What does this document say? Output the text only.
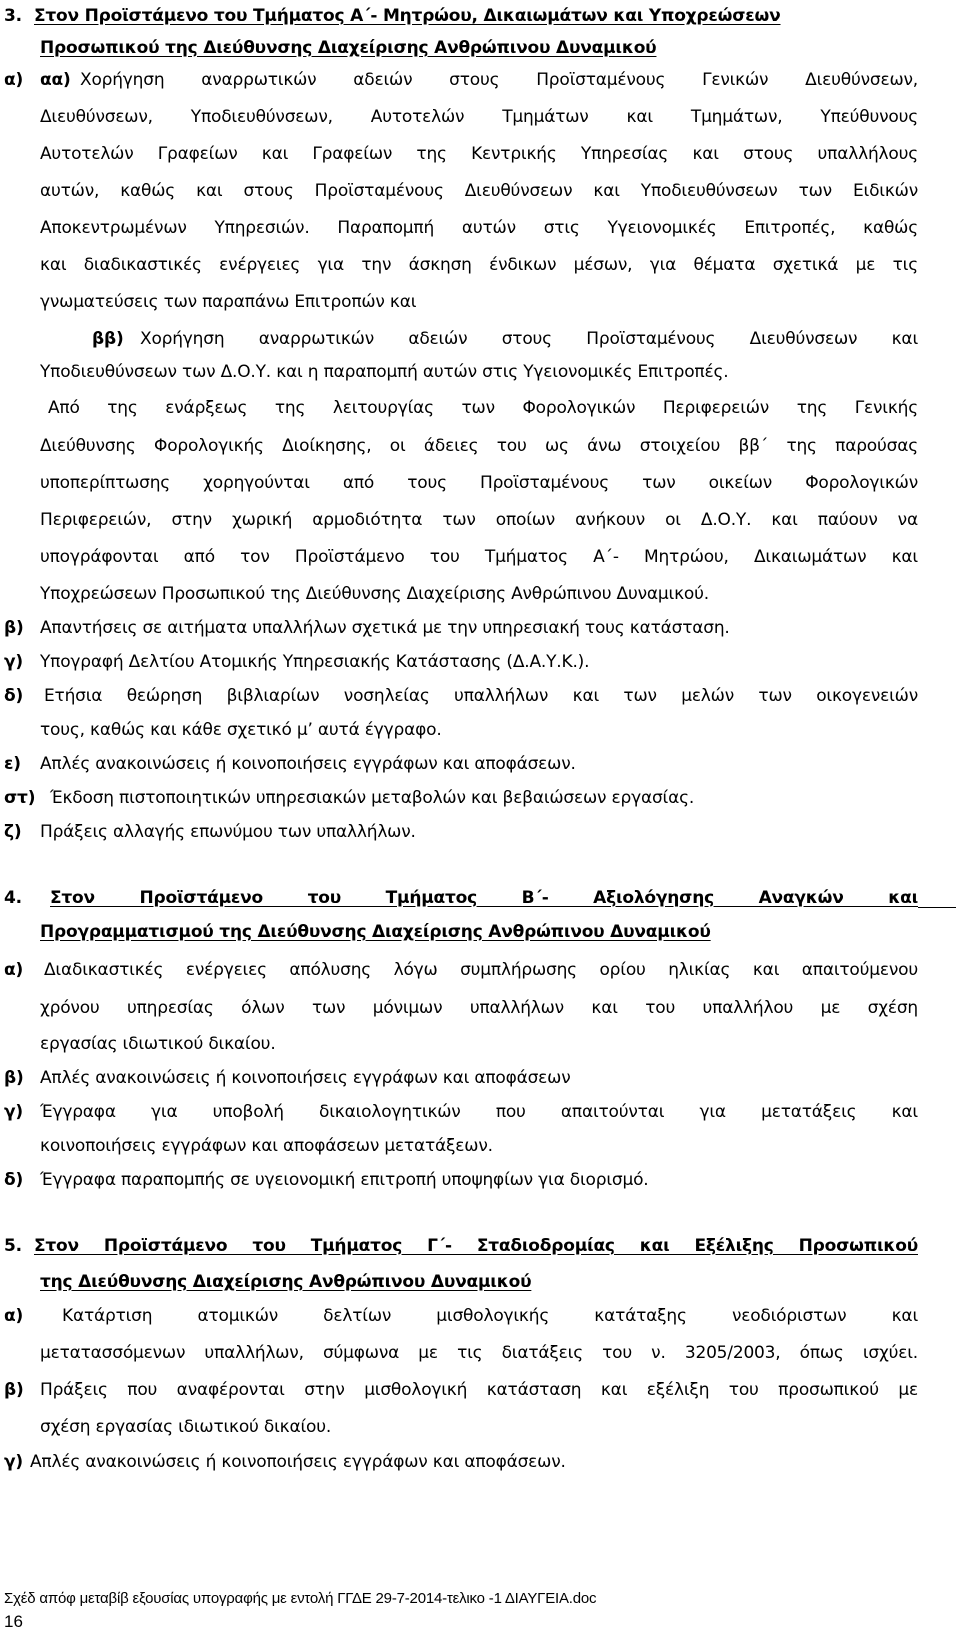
3. Στον Προϊστάμενο του Τμήματος Α΄- Μητρώου, Δικαιωμάτων και Υποχρεώσεων
Προσωπικού της Διεύθυνσης Διαχείρισης Ανθρώπινου Δυναμικού
α) αα) Χορήγηση αναρρωτικών αδειών στους Προϊσταμένους Γενικών Διευθύνσεων,
Διευθύνσεων, Υποδιευθύνσεων, Αυτοτελών Τμημάτων και Τμημάτων, Υπεύθυνους
Αυτοτελών Γραφείων και Γραφείων της Κεντρικής Υπηρεσίας και στους υπαλλήλους
αυτών, καθώς και στους Προϊσταμένους Διευθύνσεων και Υποδιευθύνσεων των Ειδικών
Αποκεντρωμένων Υπηρεσιών. Παραπομπή αυτών στις Υγειονομικές Επιτροπές, καθώς
και διαδικαστικές ενέργειες για την άσκηση ένδικων μέσων, για θέματα σχετικά με τις
γνωματεύσεις των παραπάνω Επιτροπών και
ββ) Χορήγηση αναρρωτικών αδειών στους Προϊσταμένους Διευθύνσεων και
Υποδιευθύνσεων των Δ.Ο.Υ. και η παραπομπή αυτών στις Υγειονομικές Επιτροπές.
Από της ενάρξεως της λειτουργίας των Φορολογικών Περιφερειών της Γενικής
Διεύθυνσης Φορολογικής Διοίκησης, οι άδειες του ως άνω στοιχείου ββ΄ της παρούσας
υποπερίπτωσης χορηγούνται από τους Προϊσταμένους των οικείων Φορολογικών
Περιφερειών, στην χωρική αρμοδιότητα των οποίων ανήκουν οι Δ.Ο.Υ. και παύουν να
υπογράφονται από τον Προϊστάμενο του Τμήματος Α΄- Μητρώου, Δικαιωμάτων και
Υποχρεώσεων Προσωπικού της Διεύθυνσης Διαχείρισης Ανθρώπινου Δυναμικού.
β) Απαντήσεις σε αιτήματα υπαλλήλων σχετικά με την υπηρεσιακή τους κατάσταση.
γ) Υπογραφή Δελτίου Ατομικής Υπηρεσιακής Κατάστασης (Δ.Α.Υ.Κ.).
δ) Ετήσια θεώρηση βιβλιαρίων νοσηλείας υπαλλήλων και των μελών των οικογενειών
τους, καθώς και κάθε σχετικό μ’ αυτά έγγραφο.
ε) Απλές ανακοινώσεις ή κοινοποιήσεις εγγράφων και αποφάσεων.
στ) Έκδοση πιστοποιητικών υπηρεσιακών μεταβολών και βεβαιώσεων εργασίας.
ζ) Πράξεις αλλαγής επωνύμου των υπαλλήλων.
4. Στον Προϊστάμενο του Τμήματος Β΄- Αξιολόγησης Αναγκών και
Προγραμματισμού της Διεύθυνσης Διαχείρισης Ανθρώπινου Δυναμικού
α) Διαδικαστικές ενέργειες απόλυσης λόγω συμπλήρωσης ορίου ηλικίας και απαιτούμενου
χρόνου υπηρεσίας όλων των μόνιμων υπαλλήλων και του υπαλλήλου με σχέση
εργασίας ιδιωτικού δικαίου.
β) Απλές ανακοινώσεις ή κοινοποιήσεις εγγράφων και αποφάσεων
γ) Έγγραφα για υποβολή δικαιολογητικών που απαιτούνται για μετατάξεις και
κοινοποιήσεις εγγράφων και αποφάσεων μετατάξεων.
δ) Έγγραφα παραπομπής σε υγειονομική επιτροπή υποψηφίων για διορισμό.
5. Στον Προϊστάμενο του Τμήματος Γ΄- Σταδιοδρομίας και Εξέλιξης Προσωπικού
της Διεύθυνσης Διαχείρισης Ανθρώπινου Δυναμικού
α) Κατάρτιση ατομικών δελτίων μισθολογικής κατάταξης νεοδιόριστων και
μετατασσόμενων υπαλλήλων, σύμφωνα με τις διατάξεις του ν. 3205/2003, όπως ισχύει.
β) Πράξεις που αναφέρονται στην μισθολογική κατάσταση και εξέλιξη του προσωπικού με
σχέση εργασίας ιδιωτικού δικαίου.
γ) Απλές ανακοινώσεις ή κοινοποιήσεις εγγράφων και αποφάσεων.
Σχέδ απόφ μεταβίβ εξουσίας υπογραφής με εντολή ΓΓΔΕ 29-7-2014-τελικο -1 ΔΙΑΥΓΕΙΑ.doc
16
